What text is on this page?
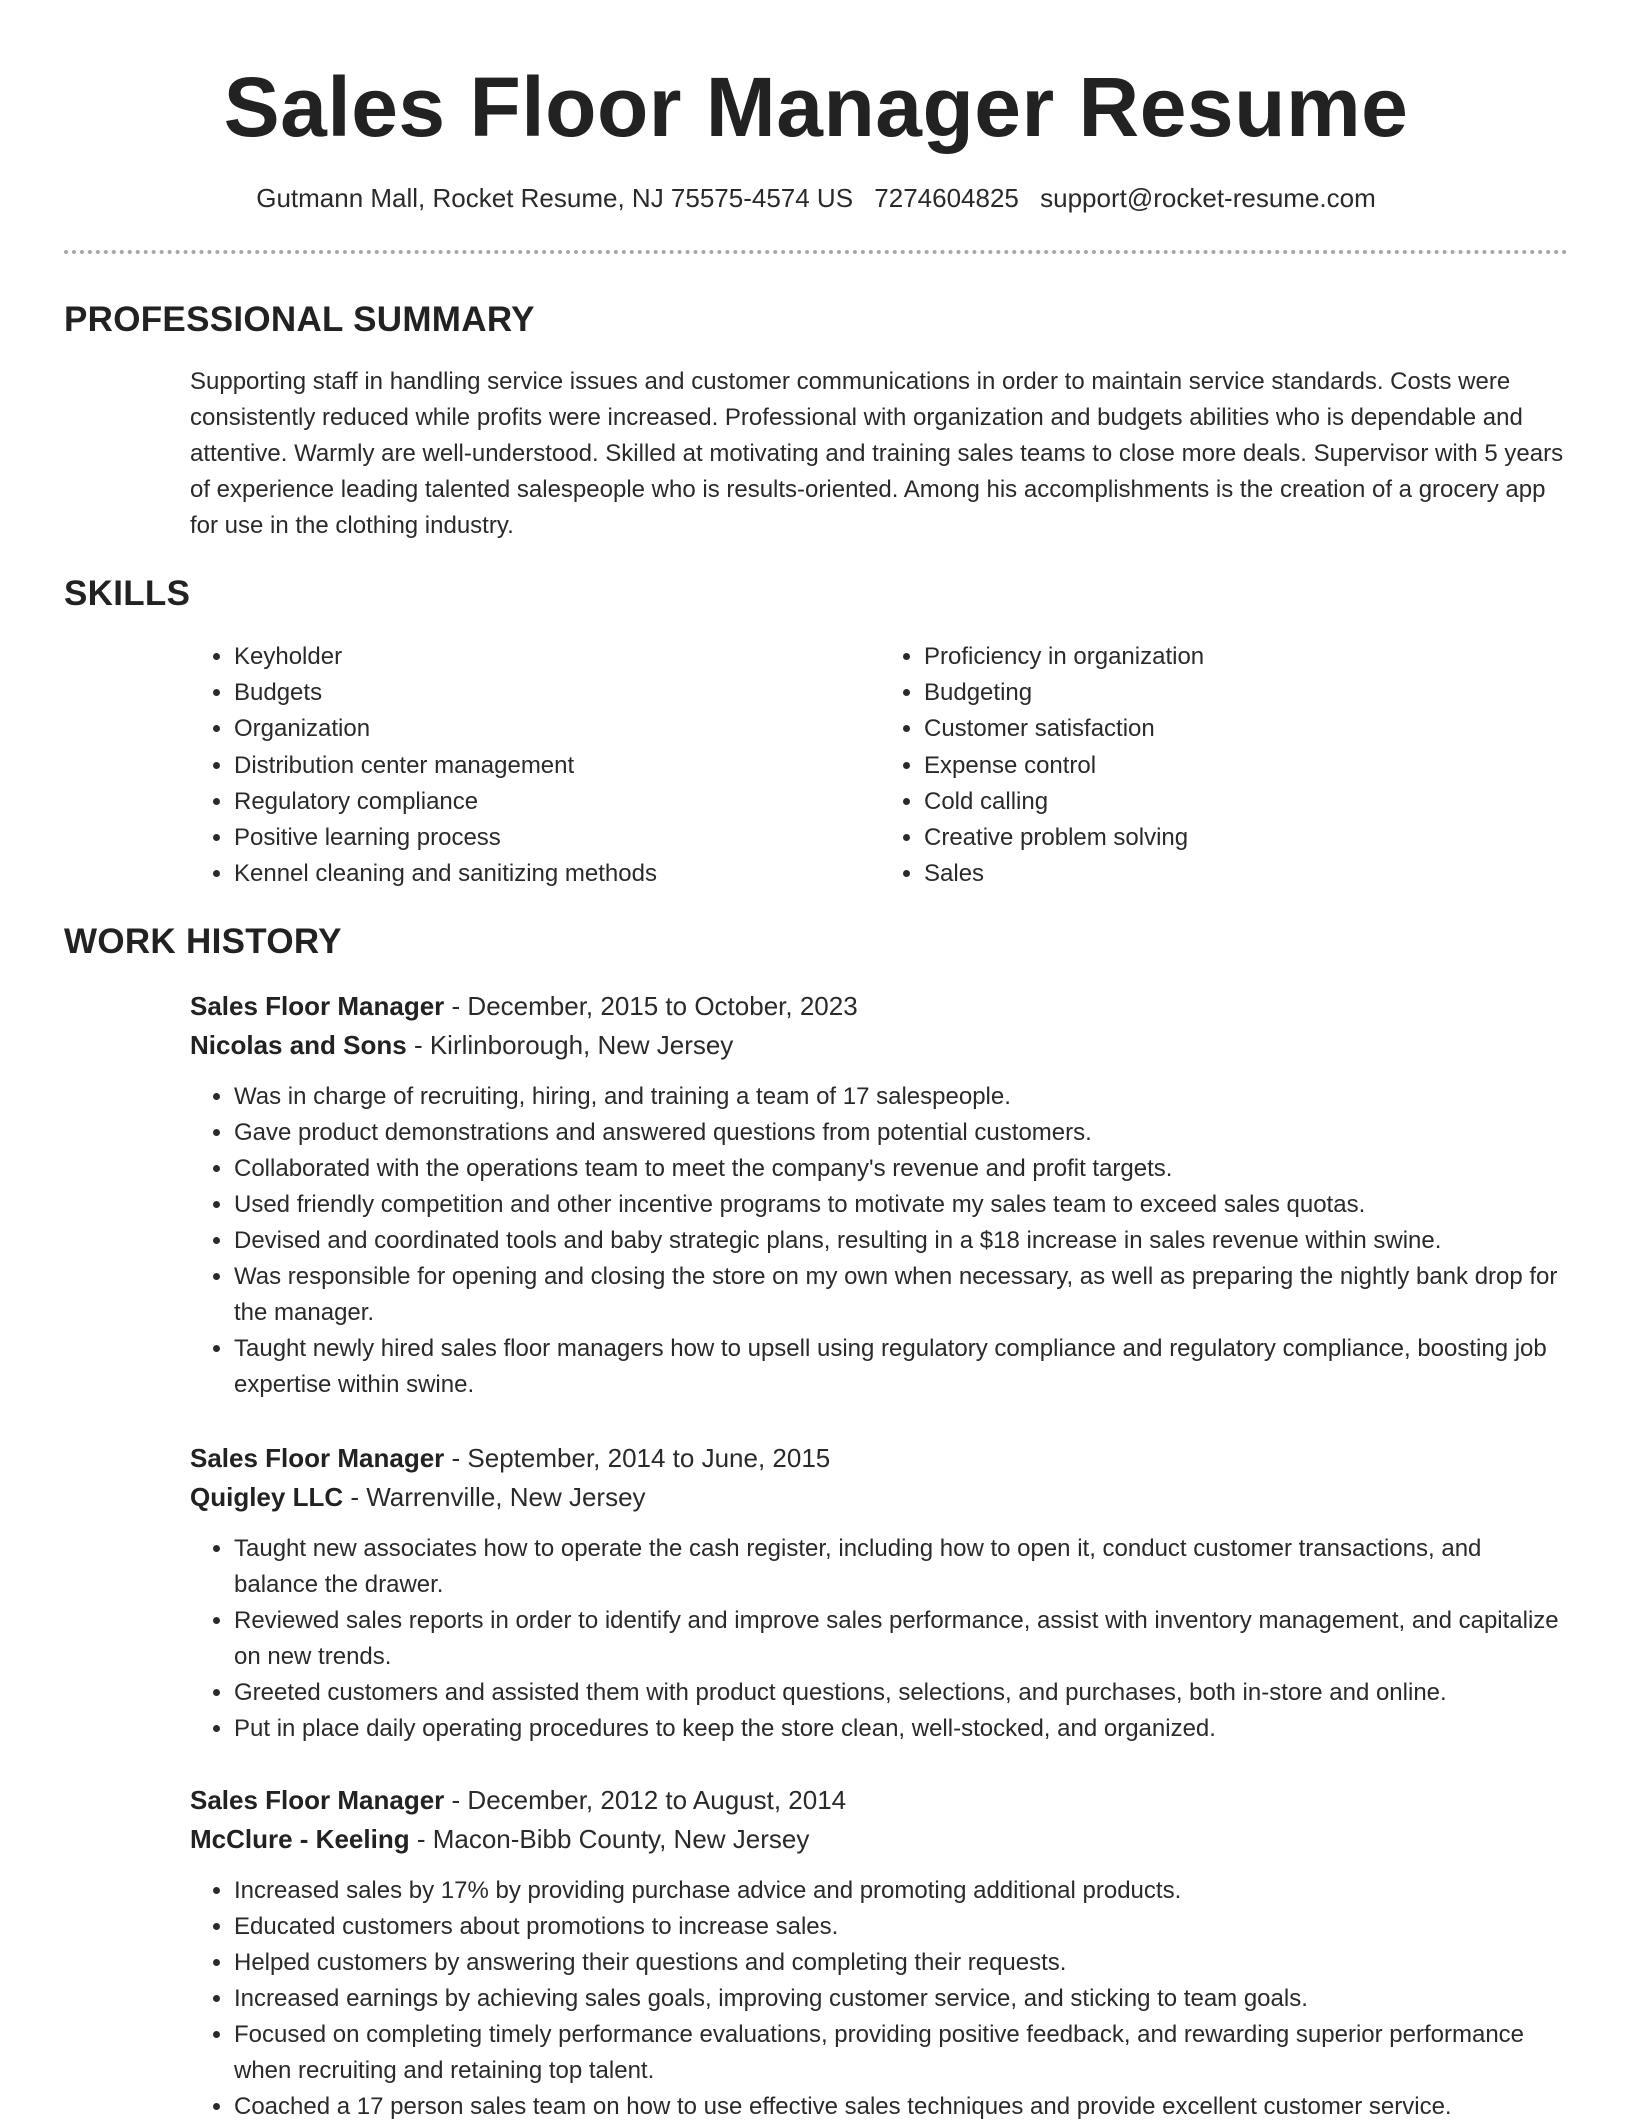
Sales Floor Manager Resume
Gutmann Mall, Rocket Resume, NJ 75575-4574 US 7274604825 support@rocket-resume.com
PROFESSIONAL SUMMARY

Supporting staff in handling service issues and customer communications in order to maintain service standards. Costs were consistently reduced while profits were increased. Professional with organization and budgets abilities who is dependable and attentive. Warmly are well-understood. Skilled at motivating and training sales teams to close more deals. Supervisor with 5 years of experience leading talented salespeople who is results-oriented. Among his accomplishments is the creation of a grocery app for use in the clothing industry.

SKILLS
• Keyholder
• Budgets
• Organization
• Distribution center management
• Regulatory compliance
• Positive learning process
• Kennel cleaning and sanitizing methods
• Proficiency in organization
• Budgeting
• Customer satisfaction
• Expense control
• Cold calling
• Creative problem solving
• Sales
WORK HISTORY

Sales Floor Manager - December, 2015 to October, 2023

Nicolas and Sons - Kirlinborough, New Jersey

• Was in charge of recruiting, hiring, and training a team of 17 salespeople.
• Gave product demonstrations and answered questions from potential customers.
• Collaborated with the operations team to meet the company's revenue and profit targets.
• Used friendly competition and other incentive programs to motivate my sales team to exceed sales quotas.
• Devised and coordinated tools and baby strategic plans, resulting in a $18 increase in sales revenue within swine.
• Was responsible for opening and closing the store on my own when necessary, as well as preparing the nightly bank drop for the manager.
• Taught newly hired sales floor managers how to upsell using regulatory compliance and regulatory compliance, boosting job expertise within swine.

Sales Floor Manager - September, 2014 to June, 2015

Quigley LLC - Warrenville, New Jersey

• Taught new associates how to operate the cash register, including how to open it, conduct customer transactions, and balance the drawer.
• Reviewed sales reports in order to identify and improve sales performance, assist with inventory management, and capitalize on new trends.
• Greeted customers and assisted them with product questions, selections, and purchases, both in-store and online.
• Put in place daily operating procedures to keep the store clean, well-stocked, and organized.

Sales Floor Manager - December, 2012 to August, 2014

McClure - Keeling - Macon-Bibb County, New Jersey

• Increased sales by 17% by providing purchase advice and promoting additional products.
• Educated customers about promotions to increase sales.
• Helped customers by answering their questions and completing their requests.
• Increased earnings by achieving sales goals, improving customer service, and sticking to team goals.
• Focused on completing timely performance evaluations, providing positive feedback, and rewarding superior performance when recruiting and retaining top talent.
• Coached a 17 person sales team on how to use effective sales techniques and provide excellent customer service.
